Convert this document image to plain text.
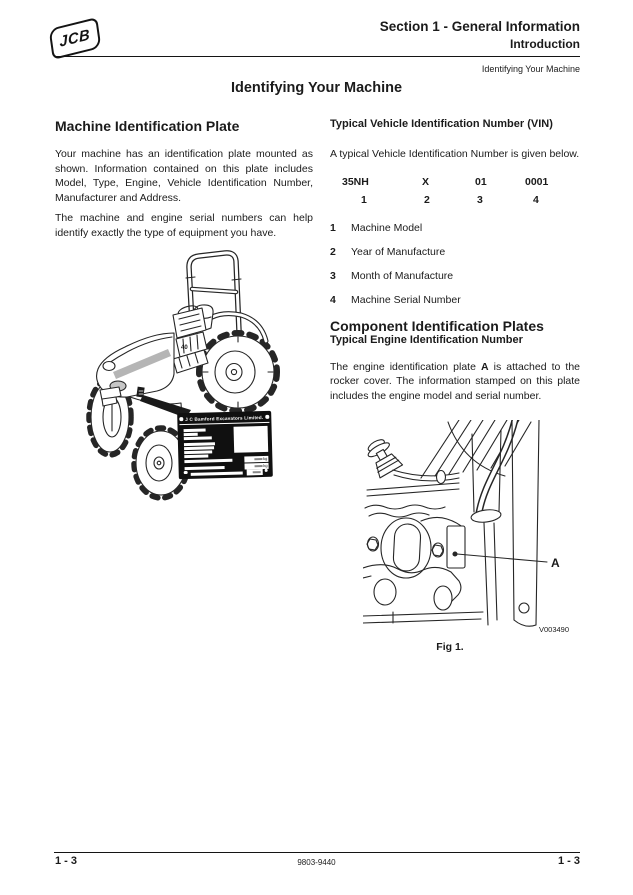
JCB	Section 1 - General Information
Introduction
Identifying Your Machine
Identifying Your Machine
Machine Identification Plate

Your machine has an identification plate mounted as shown. Information contained on this plate includes Model, Type, Engine, Vehicle Identification Number, Manufacturer and Address.

The machine and engine serial numbers can help identify exactly the type of equipment you have.

40
J C Bamford Excavators Limited.
kg
kg
Typical Vehicle Identification Number (VIN)

A typical Vehicle Identification Number is given below.

35NH	X	01	0001
1	2	3	4
1	Machine Model
2	Year of Manufacture
3	Month of Manufacture
4	Machine Serial Number
Component Identification Plates
Typical Engine Identification Number

The engine identification plate A is attached to the rocker cover. The information stamped on this plate includes the engine model and serial number.

A
V003490
Fig 1.
1 - 3	9803-9440	1 - 3
